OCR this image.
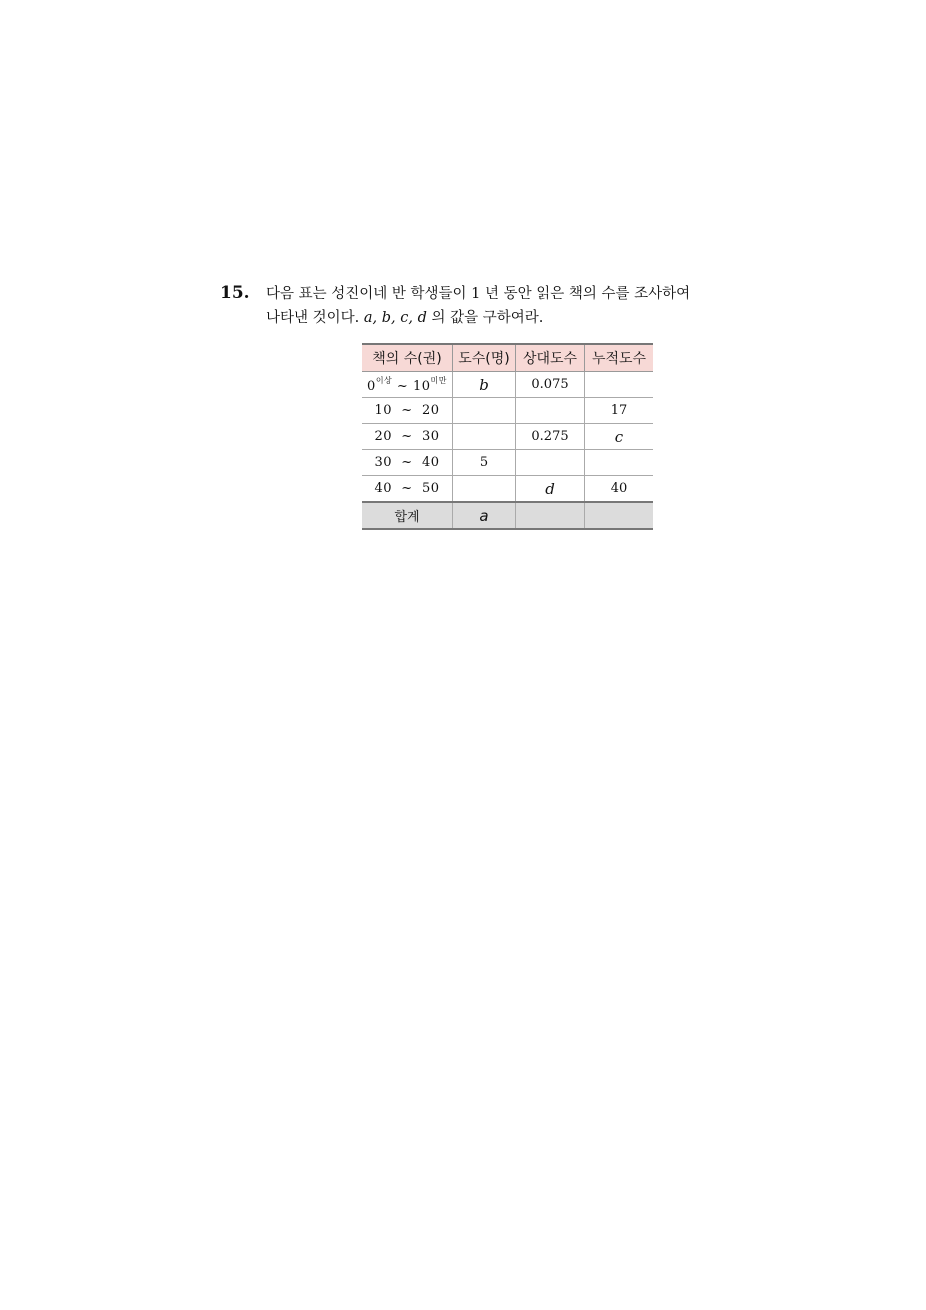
15.	다음 표는 성진이네 반 학생들이 1 년 동안 읽은 책의 수를 조사하여
나타낸 것이다. a, b, c, d 의 값을 구하여라.
책의 수(권)	도수(명)	상대도수	누적도수
$0^{이상}$ ~ $10^{미만}$	b	0.075	
10  ~  20			17
20  ~  30		0.275	c
30  ~  40	5		
40  ~  50		d	40
합계	a		
